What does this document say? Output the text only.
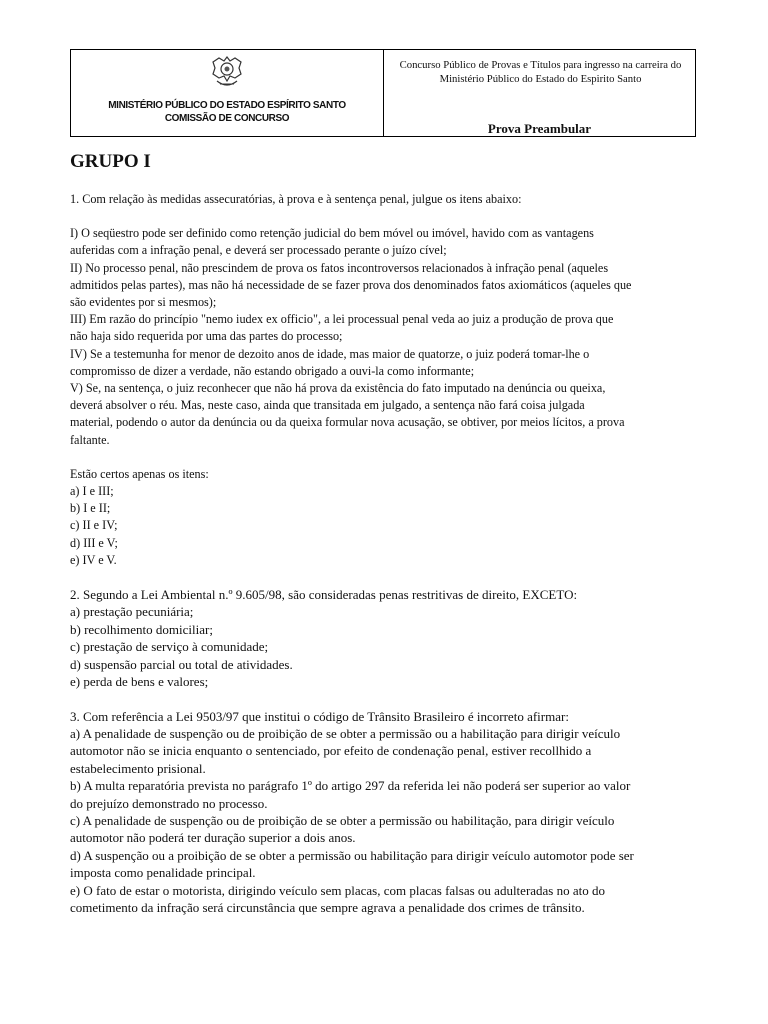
MINISTÉRIO PÚBLICO DO ESTADO ESPÍRITO SANTO
COMISSÃO DE CONCURSO
Concurso Público de Provas e Títulos para ingresso na carreira do
Ministério Público do Estado do Espirito Santo
Prova Preambular
GRUPO I
1. Com relação às medidas assecuratórias, à prova e à sentença penal, julgue os itens abaixo:
I) O seqüestro pode ser definido como retenção judicial do bem móvel ou imóvel, havido com as vantagens
auferidas com a infração penal, e deverá ser processado perante o juízo cível;
II) No processo penal, não prescindem de prova os fatos incontroversos relacionados à infração penal (aqueles
admitidos pelas partes), mas não há necessidade de se fazer prova dos denominados fatos axiomáticos (aqueles que
são evidentes por si mesmos);
III) Em razão do princípio "nemo iudex ex officio", a lei processual penal veda ao juiz a produção de prova que
não haja sido requerida por uma das partes do processo;
IV) Se a testemunha for menor de dezoito anos de idade, mas maior de quatorze, o juiz poderá tomar-lhe o
compromisso de dizer a verdade, não estando obrigado a ouvi-la como informante;
V) Se, na sentença, o juiz reconhecer que não há prova da existência do fato imputado na denúncia ou queixa,
deverá absolver o réu. Mas, neste caso, ainda que transitada em julgado, a sentença não fará coisa julgada
material, podendo o autor da denúncia ou da queixa formular nova acusação, se obtiver, por meios lícitos, a prova
faltante.
Estão certos apenas os itens:
a) I e III;
b) I e II;
c) II e IV;
d) III e V;
e) IV e V.
2. Segundo a Lei Ambiental n.º 9.605/98, são consideradas penas restritivas de direito, EXCETO:
a) prestação pecuniária;
b) recolhimento domiciliar;
c) prestação de serviço à comunidade;
d) suspensão parcial ou total de atividades.
e) perda de bens e valores;
3. Com referência a Lei 9503/97 que institui o código de Trânsito Brasileiro é incorreto afirmar:
a) A penalidade de suspenção ou de proibição de se obter a permissão ou a habilitação para dirigir veículo
automotor não se inicia enquanto o sentenciado, por efeito de condenação penal, estiver recollhido a
estabelecimento prisional.
b) A multa reparatória prevista no parágrafo 1º do artigo 297 da referida lei não poderá ser superior ao valor
do prejuízo demonstrado no processo.
c) A penalidade de suspenção ou de proibição de se obter a permissão ou habilitação, para dirigir veículo
automotor não poderá ter duração superior a dois anos.
d) A suspenção ou a proibição de se obter a permissão ou habilitação para dirigir veículo automotor pode ser
imposta como penalidade principal.
e) O fato de estar o motorista, dirigindo veículo sem placas, com placas falsas ou adulteradas no ato do
cometimento da infração será circunstância que sempre agrava a penalidade dos crimes de trânsito.
